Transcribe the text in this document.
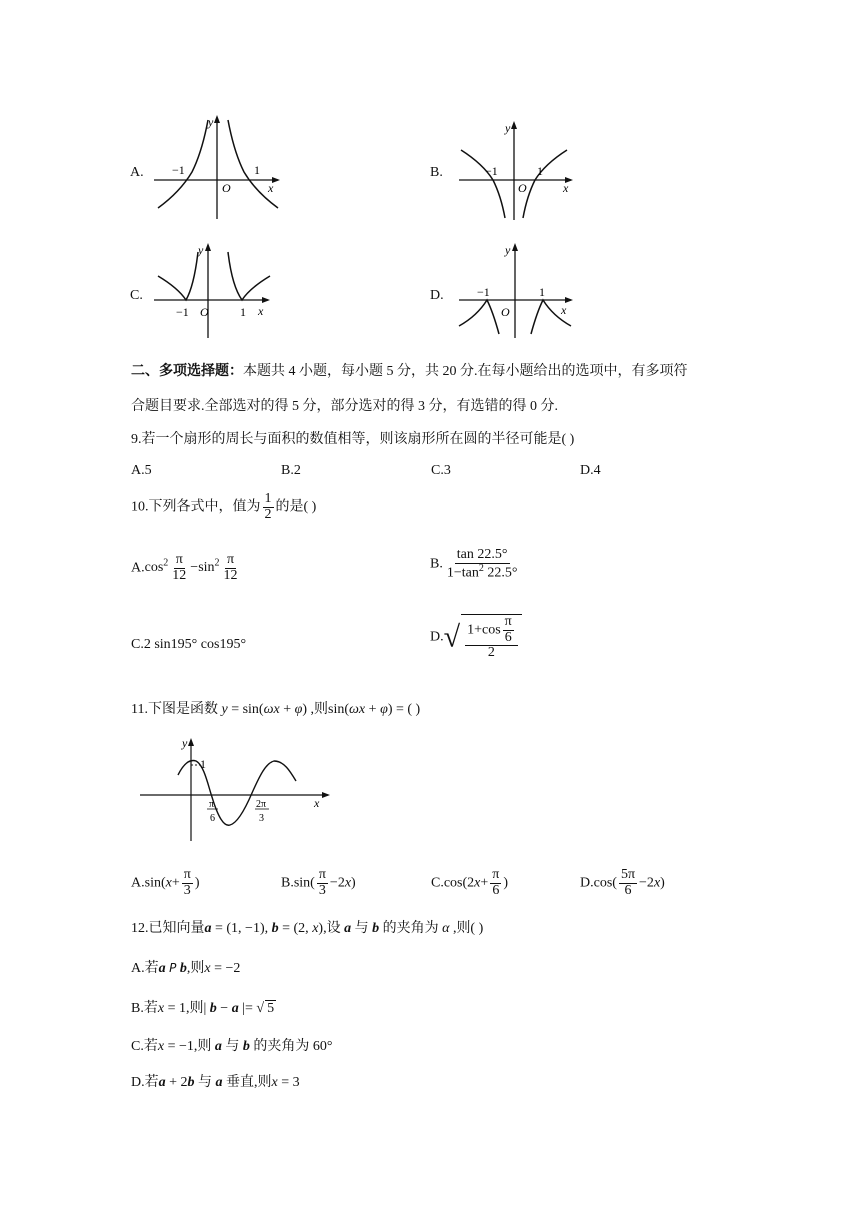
A.
y
−1	1
O	x
B.
y
−1	1
O	x
C.
y
−1	1
O	x
D.
y
−1	1
O	x
二、多项选择题：本题共 4 小题，每小题 5 分，共 20 分.在每小题给出的选项中，有多项符
合题目要求.全部选对的得 5 分，部分选对的得 3 分，有选错的得 0 分.
9.若一个扇形的周长与面积的数值相等，则该扇形所在圆的半径可能是( )
A.5	B.2	C.3	D.4
10.下列各式中，值为 $\frac{1}{2}$ 的是( )
$A.\cos^2 \frac{\pi}{12} -\sin^2 \frac{\pi}{12}$	B. $\frac{\tan 22.5^\circ}{1-\tan^2 22.5^\circ}$
C.2 sin195° cos195°	$D.√ \frac{1+\cos \frac{\pi}{6}}{2}$
11.下图是函数 y = sin(ωx + φ) ,则sin(ωx + φ) = ( )
y
1
π
6
2π
3
x
$A.\sin(x+ \frac{\pi}{3}$ )	$B.\sin( \frac{\pi}{3} -2x)$	$C.\cos(2x+ \frac{\pi}{6}$ )	$D.\cos( \frac{5\pi}{6} -2x)$
12.已知向量a = (1, −1), b = (2, x),设 a 与 b 的夹角为 α ,则( )
A.若a P b,则x = −2
B.若x = 1,则| b − a |= √ 5
C.若x = −1,则 a 与 b 的夹角为 60°
D.若a + 2b 与 a 垂直,则x = 3
